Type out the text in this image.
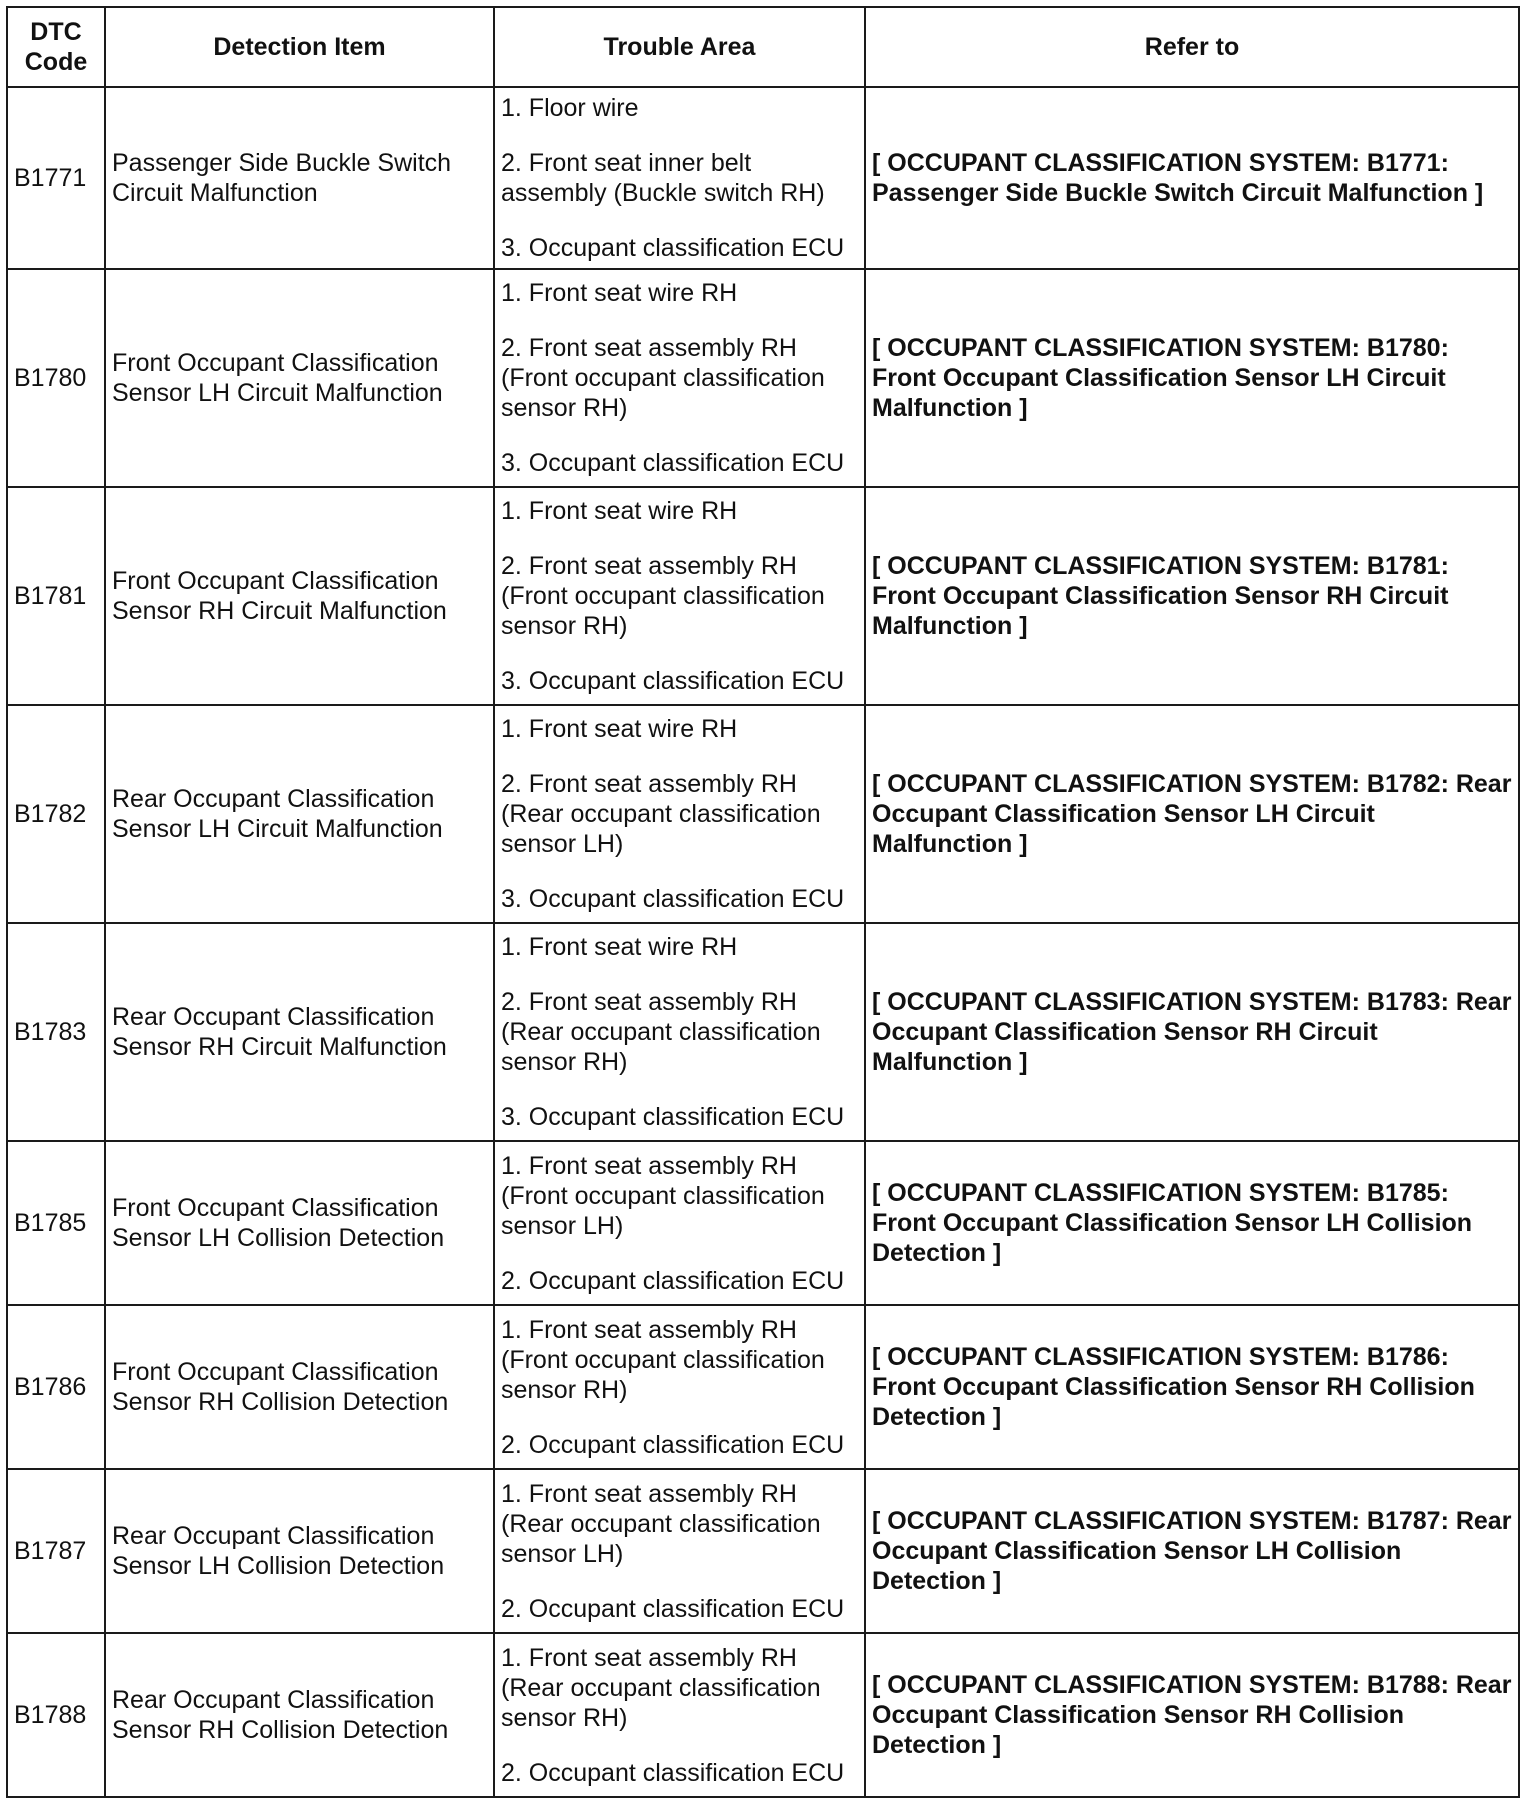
DTC
Code	Detection Item	Trouble Area	Refer to
B1771	Passenger Side Buckle Switch Circuit Malfunction	1. Floor wire
2. Front seat inner belt assembly (Buckle switch RH)
3. Occupant classification ECU	[ OCCUPANT CLASSIFICATION SYSTEM: B1771: Passenger Side Buckle Switch Circuit Malfunction ]
B1780	Front Occupant Classification Sensor LH Circuit Malfunction	1. Front seat wire RH
2. Front seat assembly RH (Front occupant classification sensor RH)
3. Occupant classification ECU	[ OCCUPANT CLASSIFICATION SYSTEM: B1780: Front Occupant Classification Sensor LH Circuit Malfunction ]
B1781	Front Occupant Classification Sensor RH Circuit Malfunction	1. Front seat wire RH
2. Front seat assembly RH (Front occupant classification sensor RH)
3. Occupant classification ECU	[ OCCUPANT CLASSIFICATION SYSTEM: B1781: Front Occupant Classification Sensor RH Circuit Malfunction ]
B1782	Rear Occupant Classification Sensor LH Circuit Malfunction	1. Front seat wire RH
2. Front seat assembly RH (Rear occupant classification sensor LH)
3. Occupant classification ECU	[ OCCUPANT CLASSIFICATION SYSTEM: B1782: Rear Occupant Classification Sensor LH Circuit Malfunction ]
B1783	Rear Occupant Classification Sensor RH Circuit Malfunction	1. Front seat wire RH
2. Front seat assembly RH (Rear occupant classification sensor RH)
3. Occupant classification ECU	[ OCCUPANT CLASSIFICATION SYSTEM: B1783: Rear Occupant Classification Sensor RH Circuit Malfunction ]
B1785	Front Occupant Classification Sensor LH Collision Detection	1. Front seat assembly RH (Front occupant classification sensor LH)
2. Occupant classification ECU	[ OCCUPANT CLASSIFICATION SYSTEM: B1785: Front Occupant Classification Sensor LH Collision Detection ]
B1786	Front Occupant Classification Sensor RH Collision Detection	1. Front seat assembly RH (Front occupant classification sensor RH)
2. Occupant classification ECU	[ OCCUPANT CLASSIFICATION SYSTEM: B1786: Front Occupant Classification Sensor RH Collision Detection ]
B1787	Rear Occupant Classification Sensor LH Collision Detection	1. Front seat assembly RH (Rear occupant classification sensor LH)
2. Occupant classification ECU	[ OCCUPANT CLASSIFICATION SYSTEM: B1787: Rear Occupant Classification Sensor LH Collision Detection ]
B1788	Rear Occupant Classification Sensor RH Collision Detection	1. Front seat assembly RH (Rear occupant classification sensor RH)
2. Occupant classification ECU	[ OCCUPANT CLASSIFICATION SYSTEM: B1788: Rear Occupant Classification Sensor RH Collision Detection ]
